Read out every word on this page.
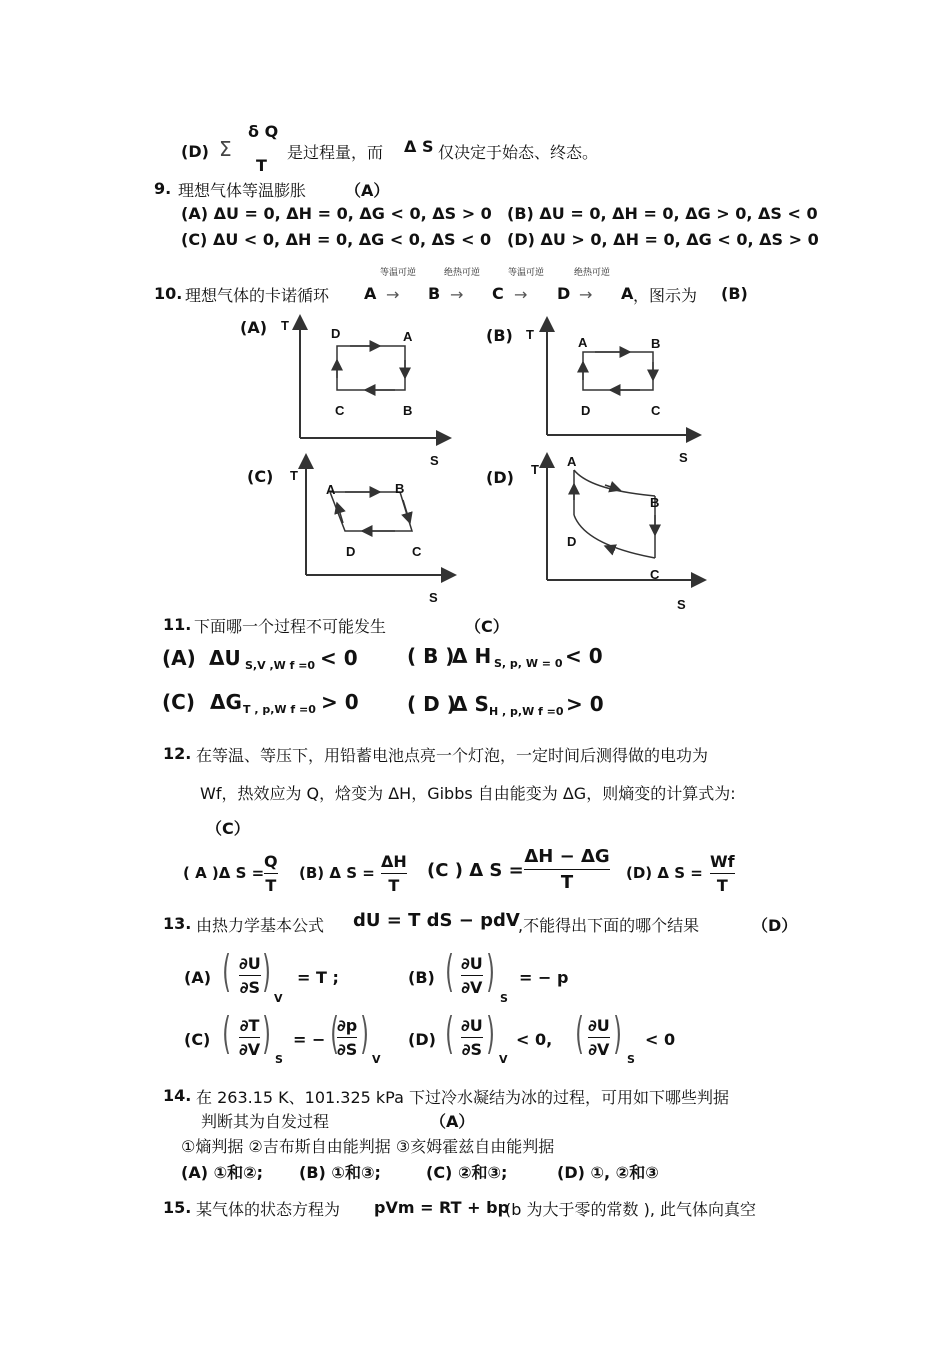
(D) Σ
δ Q
T
是过程量，而 Δ S 仅决定于始态、终态。
9. 理想气体等温膨胀 （A）
(A) ΔU = 0, ΔH = 0, ΔG < 0, ΔS > 0 (B) ΔU = 0, ΔH = 0, ΔG > 0, ΔS < 0
(C) ΔU < 0, ΔH = 0, ΔG < 0, ΔS < 0 (D) ΔU > 0, ΔH = 0, ΔG < 0, ΔS > 0
等温可逆	绝热可逆	等温可逆	绝热可逆
10. 理想气体的卡诺循环 A → B → C → D → A ，图示为 (B)
(A)	(B)
(C)	(D)
T
S
D	A
C	B
T
S
A	B
D	C
T
S
A	B
D	C
T
S
A
B
D
C
11. 下面哪一个过程不可能发生	（C）
(A) ΔU S,V ,W f =0 < 0 ( B )
Δ H S, p, W = 0 < 0
(C) ΔG T , p,W f =0 > 0 ( D )
Δ S H , p,W f =0 > 0
12. 在等温、等压下，用铅蓄电池点亮一个灯泡，一定时间后测得做的电功为
Wf，热效应为 Q，焓变为 ΔH，Gibbs 自由能变为 ΔG，则熵变的计算式为:
（C）
( A )Δ S =
Q
T
(B) Δ S =
ΔH
T
(C ) Δ S =
ΔH − ΔG
T	(D) Δ S =
Wf
T
13. 由热力学基本公式 dU = T dS − pdV
,不能得出下面的哪个结果	（D）
(A) ( ∂U
∂S )
V
= T ;	(B) ( ∂U
∂V )
S
= − p
(C) ( ∂T
∂V )
S
= − (
∂p
∂S )
V
(D) ( ∂U
∂S )
V
< 0, ( ∂U
∂V )
S
< 0
14. 在 263.15 K、101.325 kPa 下过冷水凝结为冰的过程，可用如下哪些判据
判断其为自发过程	（A）
①熵判据 ②吉布斯自由能判据 ③亥姆霍兹自由能判据
(A) ①和②; (B) ①和③;	(C) ②和③;	(D) ①, ②和③
15. 某气体的状态方程为 pVm = RT + bp
(b 为大于零的常数 ), 此气体向真空
